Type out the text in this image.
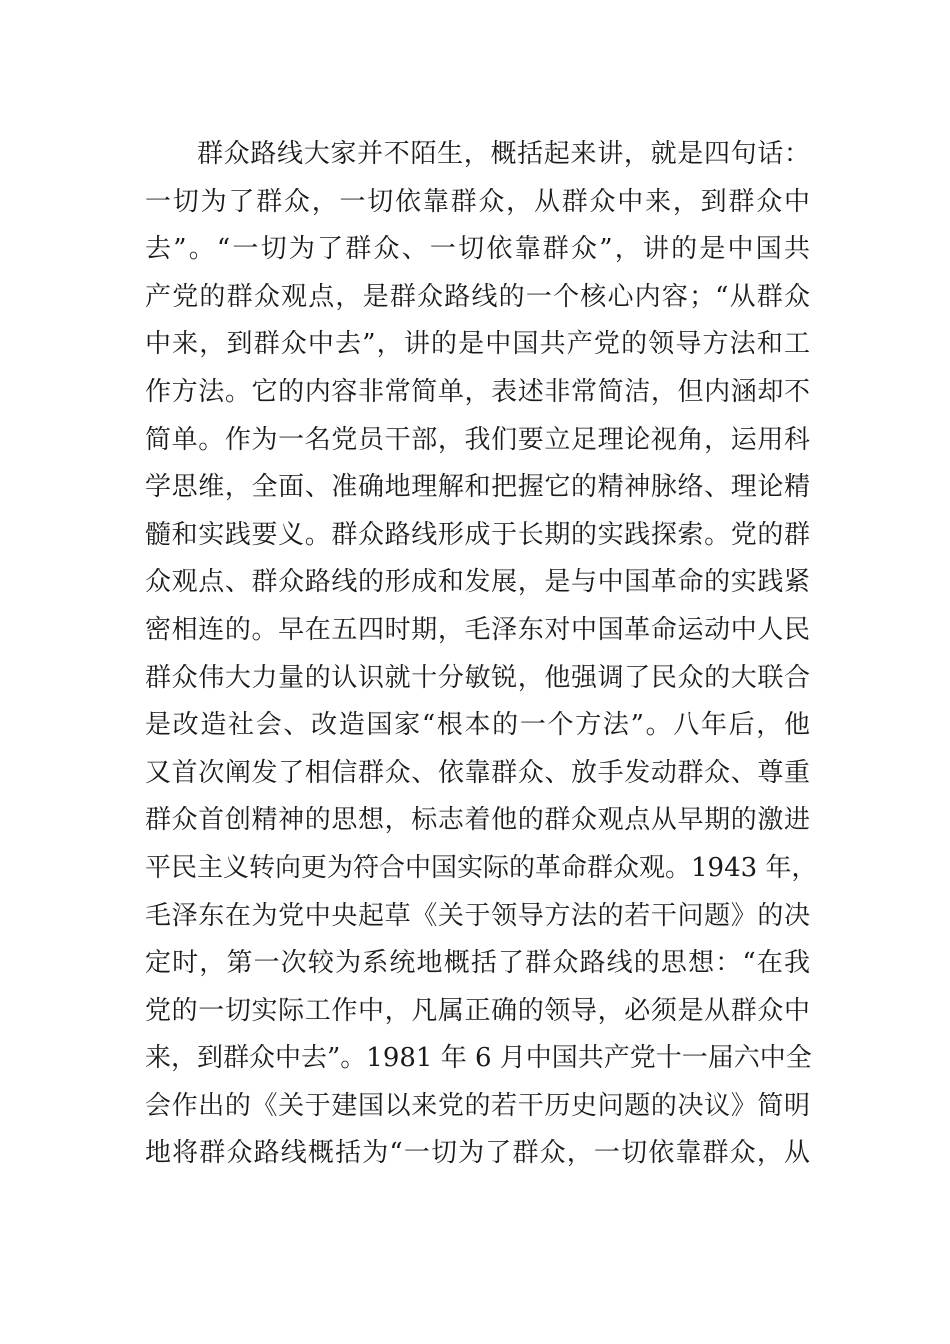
群众路线大家并不陌生，概括起来讲，就是四句话：
一切为了群众，一切依靠群众，从群众中来，到群众中
去”。“一切为了群众、一切依靠群众”，讲的是中国共
产党的群众观点，是群众路线的一个核心内容；“从群众
中来，到群众中去”，讲的是中国共产党的领导方法和工
作方法。它的内容非常简单，表述非常简洁，但内涵却不
简单。作为一名党员干部，我们要立足理论视角，运用科
学思维，全面、准确地理解和把握它的精神脉络、理论精
髓和实践要义。群众路线形成于长期的实践探索。党的群
众观点、群众路线的形成和发展，是与中国革命的实践紧
密相连的。早在五四时期，毛泽东对中国革命运动中人民
群众伟大力量的认识就十分敏锐，他强调了民众的大联合
是改造社会、改造国家“根本的一个方法”。八年后，他
又首次阐发了相信群众、依靠群众、放手发动群众、尊重
群众首创精神的思想，标志着他的群众观点从早期的激进
平民主义转向更为符合中国实际的革命群众观。1943 年，
毛泽东在为党中央起草《关于领导方法的若干问题》的决
定时，第一次较为系统地概括了群众路线的思想：“在我
党的一切实际工作中，凡属正确的领导，必须是从群众中
来，到群众中去”。1981 年 6 月中国共产党十一届六中全
会作出的《关于建国以来党的若干历史问题的决议》简明
地将群众路线概括为“一切为了群众，一切依靠群众，从
